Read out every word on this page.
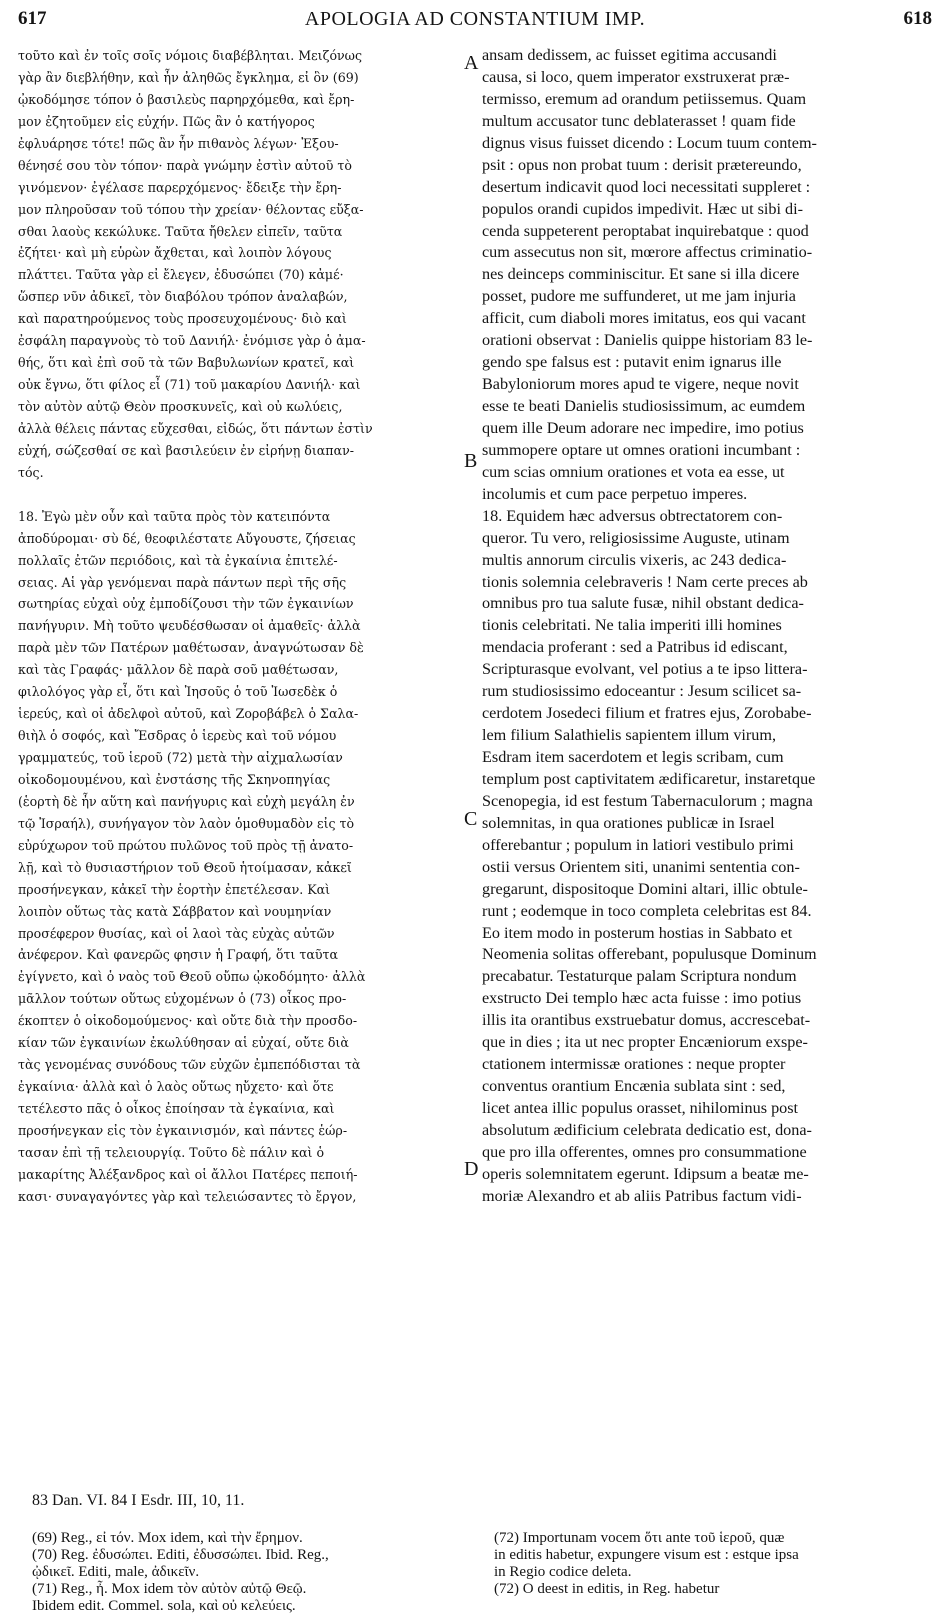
617	APOLOGIA AD CONSTANTIUM IMP.	618
τοῦτο καὶ ἐν τοῖς σοῖς νόμοις διαβέβληται. Μειζόνως
γὰρ ἂν διεβλήθην, καὶ ἦν ἀληθῶς ἔγκλημα, εἰ ὃν (69)
ᾠκοδόμησε τόπον ὁ βασιλεὺς παρηρχόμεθα, καὶ ἔρη-
μον ἐζητοῦμεν εἰς εὐχήν. Πῶς ἂν ὁ κατήγορος
ἐφλυάρησε τότε! πῶς ἂν ἦν πιθανὸς λέγων· Ἐξου-
θένησέ σου τὸν τόπον· παρὰ γνώμην ἐστὶν αὐτοῦ τὸ
γινόμενον· ἐγέλασε παρερχόμενος· ἔδειξε τὴν ἔρη-
μον πληροῦσαν τοῦ τόπου τὴν χρείαν· θέλοντας εὔξα-
σθαι λαοὺς κεκώλυκε. Ταῦτα ἤθελεν εἰπεῖν, ταῦτα
ἐζήτει· καὶ μὴ εὑρὼν ἄχθεται, καὶ λοιπὸν λόγους
πλάττει. Ταῦτα γὰρ εἰ ἔλεγεν, ἐδυσώπει (70) κἀμέ·
ὥσπερ νῦν ἀδικεῖ, τὸν διαβόλου τρόπον ἀναλαβών,
καὶ παρατηρούμενος τοὺς προσευχομένους· διὸ καὶ
ἐσφάλη παραγνοὺς τὸ τοῦ Δανιήλ· ἐνόμισε γὰρ ὁ ἀμα-
θής, ὅτι καὶ ἐπὶ σοῦ τὰ τῶν Βαβυλωνίων κρατεῖ, καὶ
οὐκ ἔγνω, ὅτι φίλος εἶ (71) τοῦ μακαρίου Δανιήλ· καὶ
τὸν αὐτὸν αὐτῷ Θεὸν προσκυνεῖς, καὶ οὐ κωλύεις,
ἀλλὰ θέλεις πάντας εὔχεσθαι, εἰδώς, ὅτι πάντων ἐστὶν
εὐχή, σώζεσθαί σε καὶ βασιλεύειν ἐν εἰρήνῃ διαπαν-
τός.
18. Ἐγὼ μὲν οὖν καὶ ταῦτα πρὸς τὸν κατειπόντα
ἀποδύρομαι· σὺ δέ, θεοφιλέστατε Αὔγουστε, ζήσειας
πολλαῖς ἐτῶν περιόδοις, καὶ τὰ ἐγκαίνια ἐπιτελέ-
σειας. Αἱ γὰρ γενόμεναι παρὰ πάντων περὶ τῆς σῆς
σωτηρίας εὐχαὶ οὐχ ἐμποδίζουσι τὴν τῶν ἐγκαινίων
πανήγυριν. Μὴ τοῦτο ψευδέσθωσαν οἱ ἀμαθεῖς· ἀλλὰ
παρὰ μὲν τῶν Πατέρων μαθέτωσαν, ἀναγνώτωσαν δὲ
καὶ τὰς Γραφάς· μᾶλλον δὲ παρὰ σοῦ μαθέτωσαν,
φιλολόγος γὰρ εἶ, ὅτι καὶ Ἰησοῦς ὁ τοῦ Ἰωσεδὲκ ὁ
ἱερεύς, καὶ οἱ ἀδελφοὶ αὐτοῦ, καὶ Ζοροβάβελ ὁ Σαλα-
θιὴλ ὁ σοφός, καὶ Ἔσδρας ὁ ἱερεὺς καὶ τοῦ νόμου
γραμματεύς, τοῦ ἱεροῦ (72) μετὰ τὴν αἰχμαλωσίαν
οἰκοδομουμένου, καὶ ἐνστάσης τῆς Σκηνοπηγίας
(ἑορτὴ δὲ ἦν αὕτη καὶ πανήγυρις καὶ εὐχὴ μεγάλη ἐν
τῷ Ἰσραήλ), συνήγαγον τὸν λαὸν ὁμοθυμαδὸν εἰς τὸ
εὐρύχωρον τοῦ πρώτου πυλῶνος τοῦ πρὸς τῇ ἀνατο-
λῇ, καὶ τὸ θυσιαστήριον τοῦ Θεοῦ ἡτοίμασαν, κἀκεῖ
προσήνεγκαν, κἀκεῖ τὴν ἑορτὴν ἐπετέλεσαν. Καὶ
λοιπὸν οὕτως τὰς κατὰ Σάββατον καὶ νουμηνίαν
προσέφερον θυσίας, καὶ οἱ λαοὶ τὰς εὐχὰς αὐτῶν
ἀνέφερον. Καὶ φανερῶς φησιν ἡ Γραφή, ὅτι ταῦτα
ἐγίγνετο, καὶ ὁ ναὸς τοῦ Θεοῦ οὔπω ᾠκοδόμητο· ἀλλὰ
μᾶλλον τούτων οὕτως εὐχομένων ὁ (73) οἶκος προ-
έκοπτεν ὁ οἰκοδομούμενος· καὶ οὔτε διὰ τὴν προσδο-
κίαν τῶν ἐγκαινίων ἐκωλύθησαν αἱ εὐχαί, οὔτε διὰ
τὰς γενομένας συνόδους τῶν εὐχῶν ἐμπεπόδισται τὰ
ἐγκαίνια· ἀλλὰ καὶ ὁ λαὸς οὕτως ηὔχετο· καὶ ὅτε
τετέλεστο πᾶς ὁ οἶκος ἐποίησαν τὰ ἐγκαίνια, καὶ
προσήνεγκαν εἰς τὸν ἐγκαινισμόν, καὶ πάντες ἑώρ-
τασαν ἐπὶ τῇ τελειουργίᾳ. Τοῦτο δὲ πάλιν καὶ ὁ
μακαρίτης Ἀλέξανδρος καὶ οἱ ἄλλοι Πατέρες πεποιή-
κασι· συναγαγόντες γὰρ καὶ τελειώσαντες τὸ ἔργον,
ansam dedissem, ac fuisset egitima accusandi
causa, si loco, quem imperator exstruxerat præ-
termisso, eremum ad orandum petiissemus. Quam
multum accusator tunc deblaterasset ! quam fide
dignus visus fuisset dicendo : Locum tuum contem-
psit : opus non probat tuum : derisit prætereundo,
desertum indicavit quod loci necessitati suppleret :
populos orandi cupidos impedivit. Hæc ut sibi di-
cenda suppeterent peroptabat inquirebatque : quod
cum assecutus non sit, mœrore affectus criminatio-
nes deinceps comminiscitur. Et sane si illa dicere
posset, pudore me suffunderet, ut me jam injuria
afficit, cum diaboli mores imitatus, eos qui vacant
orationi observat : Danielis quippe historiam 83 le-
gendo spe falsus est : putavit enim ignarus ille
Babyloniorum mores apud te vigere, neque novit
esse te beati Danielis studiosissimum, ac eumdem
quem ille Deum adorare nec impedire, imo potius
summopere optare ut omnes orationi incumbant :
cum scias omnium orationes et vota ea esse, ut
incolumis et cum pace perpetuo imperes.
18. Equidem hæc adversus obtrectatorem con-
queror. Tu vero, religiosissime Auguste, utinam
multis annorum circulis vixeris, ac 243 dedica-
tionis solemnia celebraveris ! Nam certe preces ab
omnibus pro tua salute fusæ, nihil obstant dedica-
tionis celebritati. Ne talia imperiti illi homines
mendacia proferant : sed a Patribus id ediscant,
Scripturasque evolvant, vel potius a te ipso littera-
rum studiosissimo edoceantur : Jesum scilicet sa-
cerdotem Josedeci filium et fratres ejus, Zorobabe-
lem filium Salathielis sapientem illum virum,
Esdram item sacerdotem et legis scribam, cum
templum post captivitatem ædificaretur, instaretque
Scenopegia, id est festum Tabernaculorum ; magna
solemnitas, in qua orationes publicæ in Israel
offerebantur ; populum in latiori vestibulo primi
ostii versus Orientem siti, unanimi sententia con-
gregarunt, dispositoque Domini altari, illic obtule-
runt ; eodemque in toco completa celebritas est 84.
Eo item modo in posterum hostias in Sabbato et
Neomenia solitas offerebant, populusque Dominum
precabatur. Testaturque palam Scriptura nondum
exstructo Dei templo hæc acta fuisse : imo potius
illis ita orantibus exstruebatur domus, accrescebat-
que in dies ; ita ut nec propter Encæniorum exspe-
ctationem intermissæ orationes : neque propter
conventus orantium Encænia sublata sint : sed,
licet antea illic populus orasset, nihilominus post
absolutum ædificium celebrata dedicatio est, dona-
que pro illa offerentes, omnes pro consummatione
operis solemnitatem egerunt. Idipsum a beatæ me-
moriæ Alexandro et ab aliis Patribus factum vidi-
A
B
C
D
83 Dan. VI. 84 I Esdr. III, 10, 11.
(69) Reg., εἰ τόν. Mox idem, καὶ τὴν ἔρημον.
(70) Reg. ἐδυσώπει. Editi, ἐδυσσώπει. Ibid. Reg.,
ᾠδικεῖ. Editi, male, ἀδικεῖν.
(71) Reg., ἦ. Mox idem τὸν αὐτὸν αὐτῷ Θεῷ.
Ibidem edit. Commel. sola, καὶ οὐ κελεύεις.
(72) Importunam vocem ὅτι ante τοῦ ἱεροῦ, quæ
in editis habetur, expungere visum est : estque ipsa
in Regio codice deleta.
(72) O deest in editis, in Reg. habetur
